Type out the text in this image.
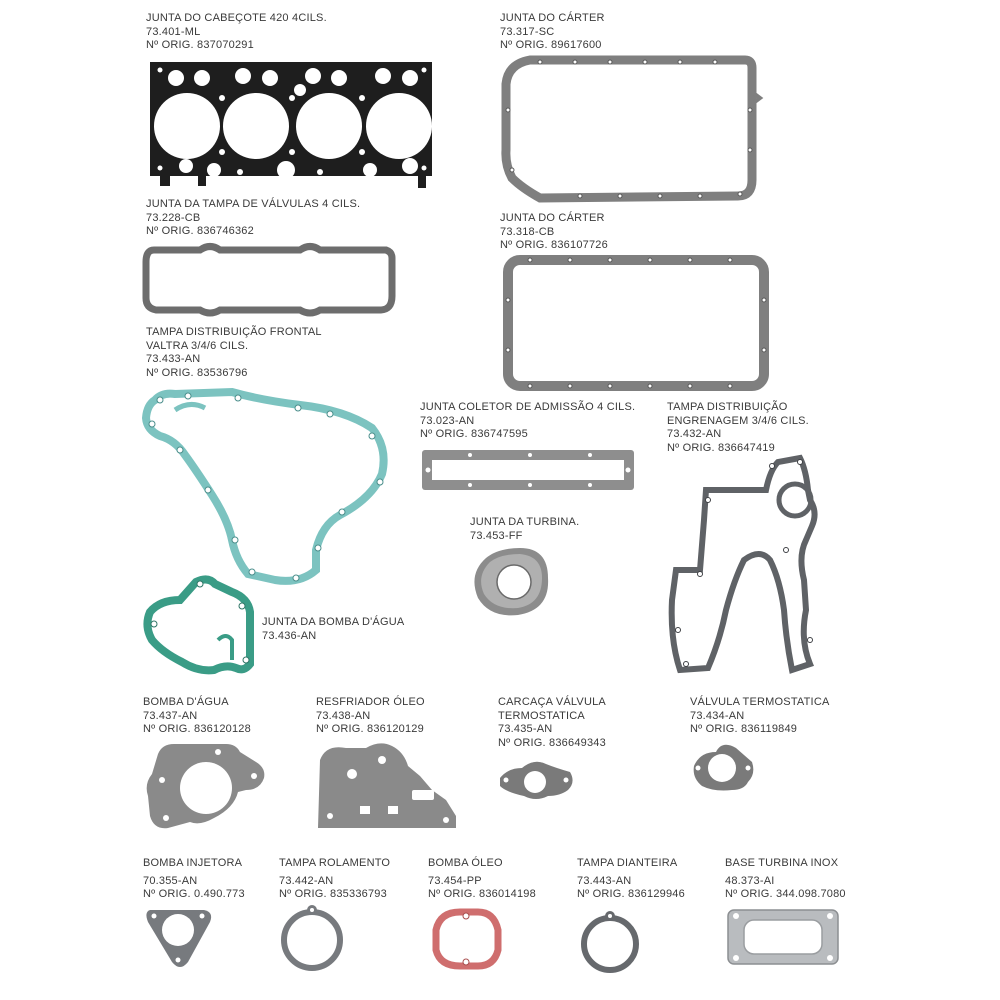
JUNTA DO CABEÇOTE 420 4CILS.
73.401-ML
Nº ORIG. 837070291
JUNTA DO CÁRTER
73.317-SC
Nº ORIG. 89617600
JUNTA DA TAMPA DE VÁLVULAS 4 CILS.
73.228-CB
Nº ORIG. 836746362
JUNTA DO CÁRTER
73.318-CB
Nº ORIG. 836107726
TAMPA DISTRIBUIÇÃO FRONTAL
VALTRA 3/4/6 CILS.
73.433-AN
Nº ORIG. 83536796
JUNTA COLETOR DE ADMISSÃO 4 CILS.
73.023-AN
Nº ORIG. 836747595
TAMPA DISTRIBUIÇÃO
ENGRENAGEM 3/4/6 CILS.
73.432-AN
Nº ORIG. 836647419
JUNTA DA TURBINA.
73.453-FF
JUNTA DA BOMBA D'ÁGUA
73.436-AN
BOMBA D'ÁGUA
73.437-AN
Nº ORIG. 836120128
RESFRIADOR ÓLEO
73.438-AN
Nº ORIG. 836120129
CARCAÇA VÁLVULA
TERMOSTATICA
73.435-AN
Nº ORIG. 836649343
VÁLVULA TERMOSTATICA
73.434-AN
Nº ORIG. 836119849
BOMBA INJETORA
70.355-AN
Nº ORIG. 0.490.773
TAMPA ROLAMENTO
73.442-AN
Nº ORIG. 835336793
BOMBA ÓLEO
73.454-PP
Nº ORIG. 836014198
TAMPA DIANTEIRA
73.443-AN
Nº ORIG. 836129946
BASE TURBINA INOX
48.373-AI
Nº ORIG. 344.098.7080
